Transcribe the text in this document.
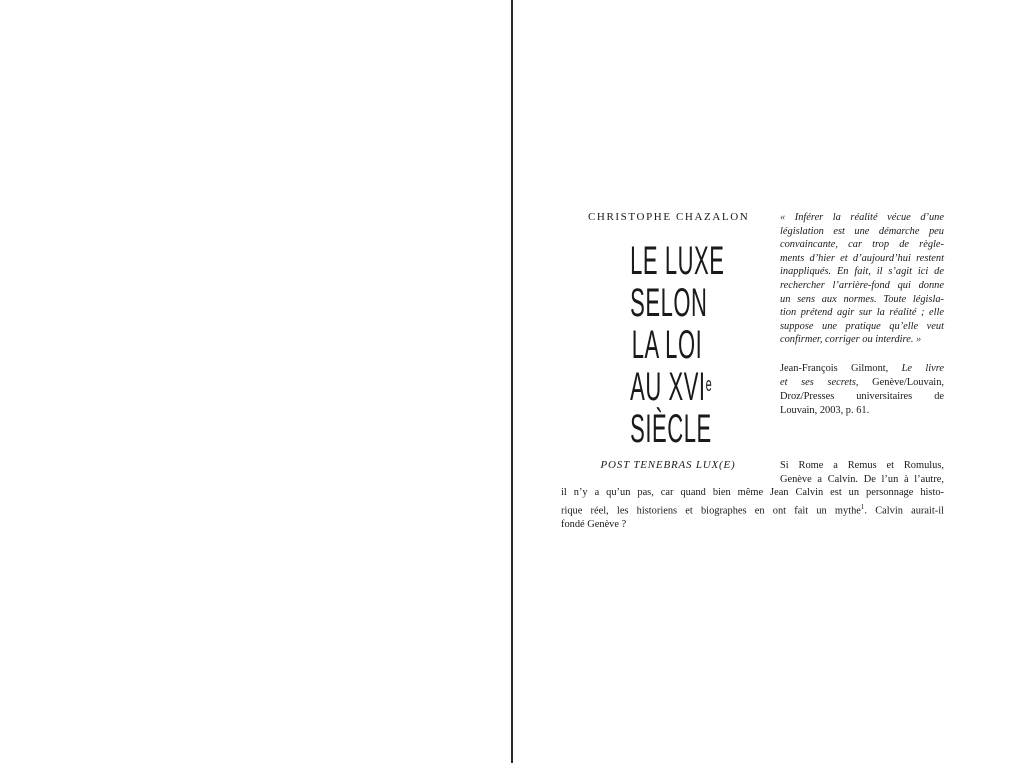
CHRISTOPHE CHAZALON
LE LUXE
SELON
LA LOI
AU XVIe
SIÈCLE
POST TENEBRAS LUX(E)
« Inférer la réalité vécue d’une
législation est une démarche peu
convaincante, car trop de règle-
ments d’hier et d’aujourd’hui restent
inappliqués. En fait, il s’agit ici de
rechercher l’arrière-fond qui donne
un sens aux normes. Toute législa-
tion prétend agir sur la réalité ; elle
suppose une pratique qu’elle veut
confirmer, corriger ou interdire. »
Jean-François Gilmont, Le livre
et ses secrets, Genève/Louvain,
Droz/Presses universitaires de
Louvain, 2003, p. 61.
Si Rome a Remus et Romulus,
Genève a Calvin. De l’un à l’autre,
il n’y a qu’un pas, car quand bien même Jean Calvin est un personnage histo-
rique réel, les historiens et biographes en ont fait un mythe$^1$. Calvin aurait-il
fondé Genève ?
